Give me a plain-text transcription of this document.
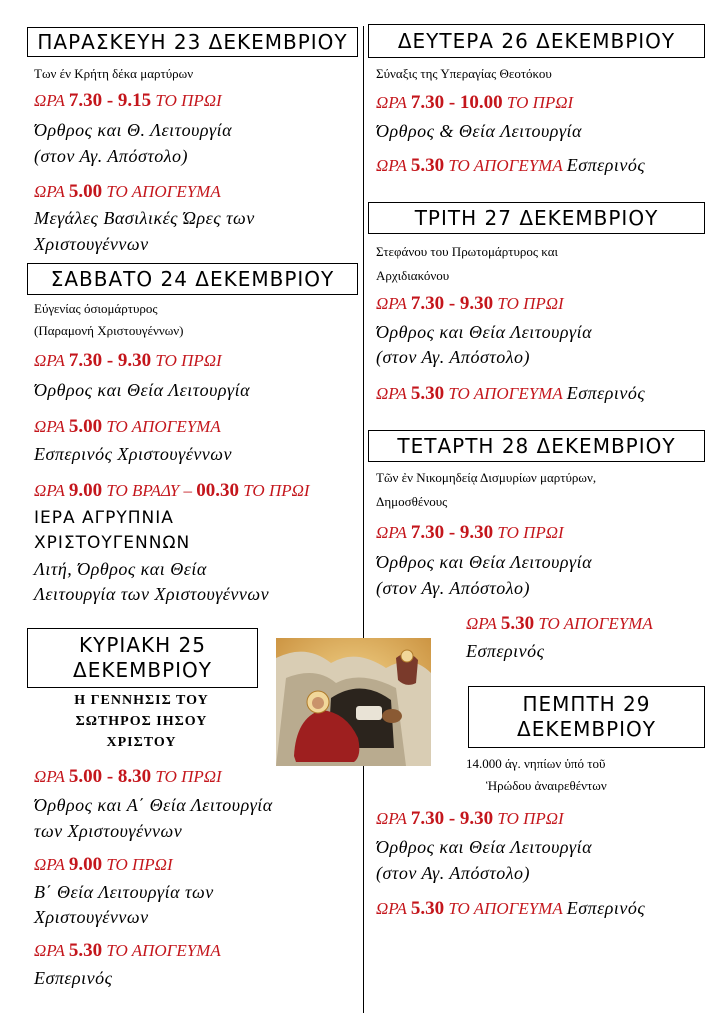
ΠΑΡΑΣΚΕΥΗ 23 ΔΕΚΕΜΒΡΙΟΥ
Των έν Κρήτη δέκα μαρτύρων
ΩΡΑ 7.30 - 9.15 ΤΟ ΠΡΩΙ
Όρθρος και Θ. Λειτουργία
(στον Αγ. Απόστολο)
ΩΡΑ 5.00 ΤΟ ΑΠΟΓΕΥΜΑ
Μεγάλες Βασιλικές Ώρες των
Χριστουγέννων
ΣΑΒΒΑΤΟ 24 ΔΕΚΕΜΒΡΙΟΥ
Εύγενίας όσιομάρτυρος
(Παραμονή Χριστουγέννων)
ΩΡΑ 7.30 - 9.30 ΤΟ ΠΡΩΙ
Όρθρος και Θεία Λειτουργία
ΩΡΑ 5.00 ΤΟ ΑΠΟΓΕΥΜΑ
Εσπερινός Χριστουγέννων
ΩΡΑ 9.00 ΤΟ ΒΡΑΔΥ – 00.30 ΤΟ ΠΡΩΙ
ΙΕΡΑ ΑΓΡΥΠΝΙΑ
ΧΡΙΣΤΟΥΓΕΝΝΩΝ
Λιτή, Όρθρος και Θεία
Λειτουργία των Χριστουγέννων
ΚΥΡΙΑΚΗ 25
ΔΕΚΕΜΒΡΙΟΥ
Η ΓΕΝΝΗΣΙΣ ΤΟΥ
ΣΩΤΗΡΟΣ ΙΗΣΟΥ
ΧΡΙΣΤΟΥ
ΩΡΑ 5.00 - 8.30 ΤΟ ΠΡΩΙ
Όρθρος και Α΄ Θεία Λειτουργία
των Χριστουγέννων
ΩΡΑ 9.00 ΤΟ ΠΡΩΙ
Β΄ Θεία Λειτουργία των
Χριστουγέννων
ΩΡΑ 5.30 ΤΟ ΑΠΟΓΕΥΜΑ
Εσπερινός
ΔΕΥΤΕΡΑ 26 ΔΕΚΕΜΒΡΙΟΥ
Σύναξις της Υπεραγίας Θεοτόκου
ΩΡΑ 7.30 - 10.00 ΤΟ ΠΡΩΙ
Όρθρος & Θεία Λειτουργία
ΩΡΑ 5.30 ΤΟ ΑΠΟΓΕΥΜΑ Εσπερινός
ΤΡΙΤΗ 27 ΔΕΚΕΜΒΡΙΟΥ
Στεφάνου του Πρωτομάρτυρος και
Αρχιδιακόνου
ΩΡΑ 7.30 - 9.30 ΤΟ ΠΡΩΙ
Όρθρος και Θεία Λειτουργία
(στον Αγ. Απόστολο)
ΩΡΑ 5.30 ΤΟ ΑΠΟΓΕΥΜΑ Εσπερινός
ΤΕΤΑΡΤΗ 28 ΔΕΚΕΜΒΡΙΟΥ
Τῶν ἐν Νικομηδείᾳ Δισμυρίων μαρτύρων,
Δημοσθένους
ΩΡΑ 7.30 - 9.30 ΤΟ ΠΡΩΙ
Όρθρος και Θεία Λειτουργία
(στον Αγ. Απόστολο)
ΩΡΑ 5.30 ΤΟ ΑΠΟΓΕΥΜΑ
Εσπερινός
ΠΕΜΠΤΗ 29
ΔΕΚΕΜΒΡΙΟΥ
14.000 άγ. νηπίων ὑπό τοῦ
Ἡρώδου ἀναιρεθέντων
ΩΡΑ 7.30 - 9.30 ΤΟ ΠΡΩΙ
Όρθρος και Θεία Λειτουργία
(στον Αγ. Απόστολο)
ΩΡΑ 5.30 ΤΟ ΑΠΟΓΕΥΜΑ Εσπερινός
